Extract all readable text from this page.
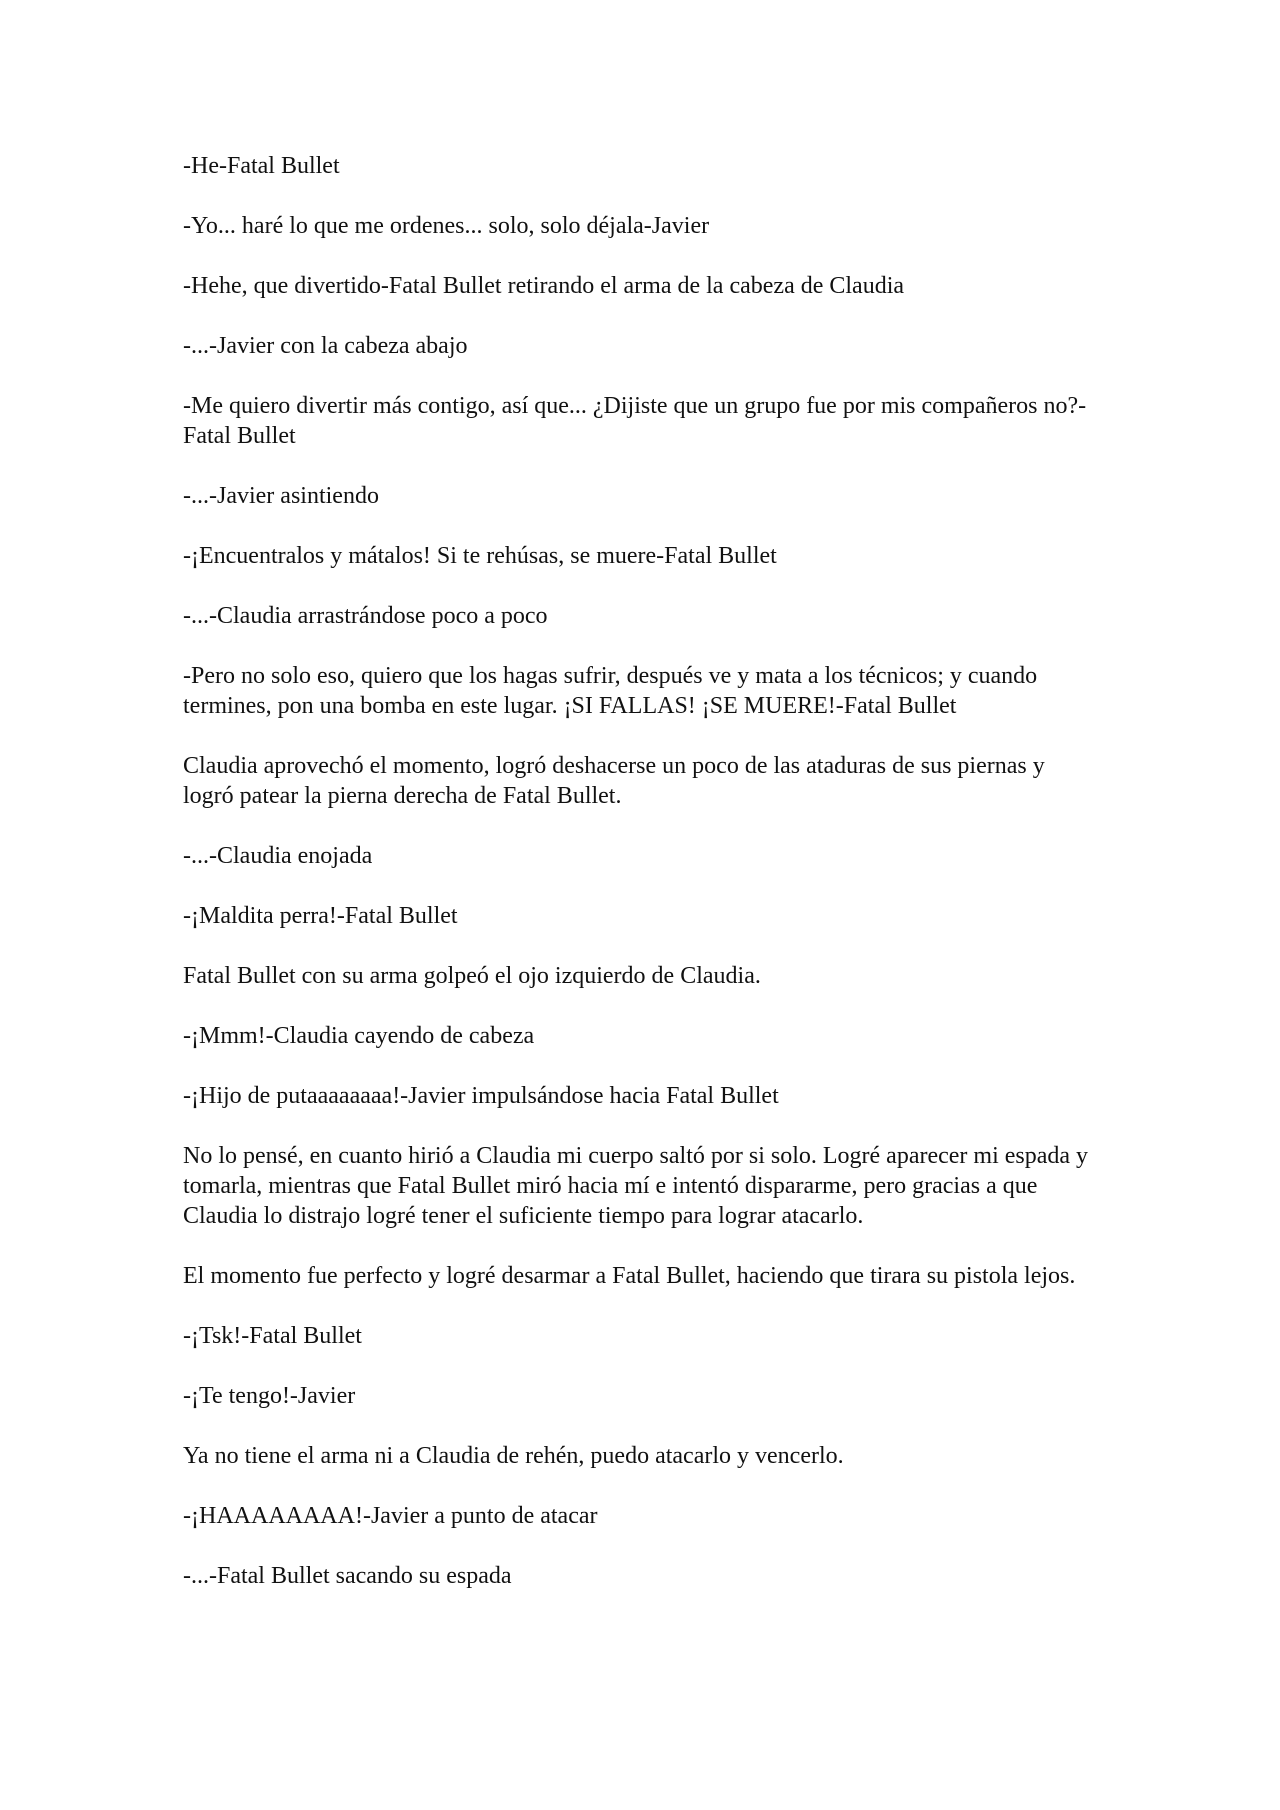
-He-Fatal Bullet

-Yo... haré lo que me ordenes... solo, solo déjala-Javier

-Hehe, que divertido-Fatal Bullet retirando el arma de la cabeza de Claudia

-...-Javier con la cabeza abajo

-Me quiero divertir más contigo, así que... ¿Dijiste que un grupo fue por mis compañeros no?-Fatal Bullet

-...-Javier asintiendo

-¡Encuentralos y mátalos! Si te rehúsas, se muere-Fatal Bullet

-...-Claudia arrastrándose poco a poco

-Pero no solo eso, quiero que los hagas sufrir, después ve y mata a los técnicos; y cuando termines, pon una bomba en este lugar. ¡SI FALLAS! ¡SE MUERE!-Fatal Bullet

Claudia aprovechó el momento, logró deshacerse un poco de las ataduras de sus piernas y logró patear la pierna derecha de Fatal Bullet.

-...-Claudia enojada

-¡Maldita perra!-Fatal Bullet

Fatal Bullet con su arma golpeó el ojo izquierdo de Claudia.

-¡Mmm!-Claudia cayendo de cabeza

-¡Hijo de putaaaaaaaa!-Javier impulsándose hacia Fatal Bullet

No lo pensé, en cuanto hirió a Claudia mi cuerpo saltó por si solo. Logré aparecer mi espada y tomarla, mientras que Fatal Bullet miró hacia mí e intentó dispararme, pero gracias a que Claudia lo distrajo logré tener el suficiente tiempo para lograr atacarlo.

El momento fue perfecto y logré desarmar a Fatal Bullet, haciendo que tirara su pistola lejos.

-¡Tsk!-Fatal Bullet

-¡Te tengo!-Javier

Ya no tiene el arma ni a Claudia de rehén, puedo atacarlo y vencerlo.

-¡HAAAAAAAA!-Javier a punto de atacar

-...-Fatal Bullet sacando su espada
